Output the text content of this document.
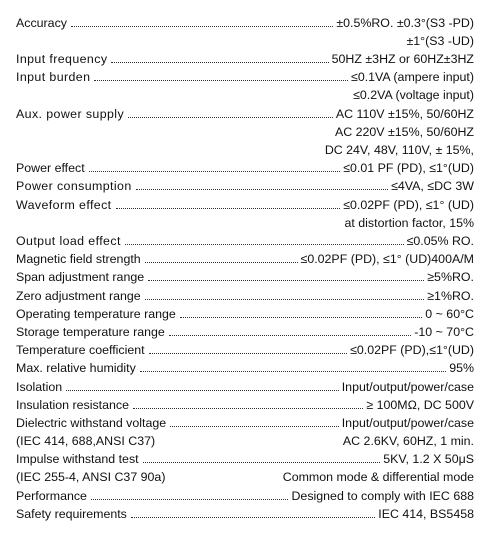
Accuracy	±0.5%RO. ±0.3°(S3 -PD)
±1°(S3 -UD)
Input frequency	50HZ ±3HZ or 60HZ±3HZ
Input burden	≤0.1VA (ampere input)
≤0.2VA (voltage input)
Aux. power supply	AC 110V ±15%, 50/60HZ
AC 220V ±15%, 50/60HZ
DC 24V, 48V, 110V, ± 15%,
Power effect	≤0.01 PF (PD), ≤1°(UD)
Power consumption	≤4VA, ≤DC 3W
Waveform effect	≤0.02PF (PD), ≤1° (UD)
at distortion factor, 15%
Output load effect	≤0.05% RO.
Magnetic field strength	≤0.02PF (PD), ≤1° (UD)400A/M
Span adjustment range	≥5%RO.
Zero adjustment range	≥1%RO.
Operating temperature range	0 ~ 60°C
Storage temperature range	-10 ~ 70°C
Temperature coefficient	≤0.02PF (PD),≤1°(UD)
Max. relative humidity	95%
Isolation	Input/output/power/case
Insulation resistance	≥ 100MΩ, DC 500V
Dielectric withstand voltage	Input/output/power/case
(IEC 414, 688,ANSI C37)	AC 2.6KV, 60HZ, 1 min.
Impulse withstand test	5KV, 1.2 X 50μS
(IEC 255-4, ANSI C37 90a)	Common mode & differential mode
Performance	Designed to comply with IEC 688
Safety requirements	IEC 414, BS5458
